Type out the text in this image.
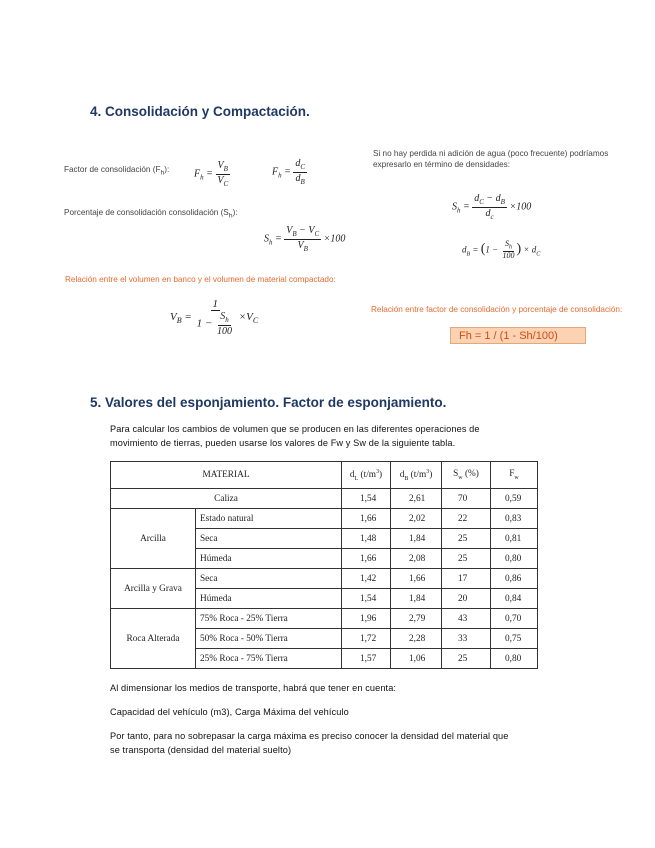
4. Consolidación y Compactación.
Factor de consolidación $(F_h)$: $F_h = \frac{V_B}{V_C}$	$F_h = \frac{d_C}{d_B}$
Si no hay perdida ni adición de agua (poco frecuente) podríamos
expresarlo en término de densidades:
Porcentaje de consolidación consolidación $(S_h)$:
$S_h = \frac{d_C - d_B}{d_c} \times 100$
$S_h = \frac{V_B - V_C}{V_B} \times 100$
$d_B = (1 - \frac{S_h}{100}$ ) × $d_C$
Relación entre el volumen en banco y el volumen de material compactado:
$V_B = \frac{1}{1 - \frac{S_h}{100}} \times V_C$
Relación entre factor de consolidación y porcentaje de consolidación:
Fh = 1 / (1 - Sh/100)
5. Valores del esponjamiento. Factor de esponjamiento.
Para calcular los cambios de volumen que se producen en las diferentes operaciones de
movimiento de tierras, pueden usarse los valores de Fw y Sw de la siguiente tabla.
MATERIAL		$d_L$ $(t/m^3)$	$d_B$ $(t/m^3)$	$S_w$ (%)	$F_w$
Caliza		1,54	2,61	70	0,59
Arcilla	Estado natural	1,66	2,02	22	0,83
	Seca	1,48	1,84	25	0,81
	Húmeda	1,66	2,08	25	0,80
Arcilla y Grava	Seca	1,42	1,66	17	0,86
	Húmeda	1,54	1,84	20	0,84
Roca Alterada	75% Roca - 25% Tierra	1,96	2,79	43	0,70
	50% Roca - 50% Tierra	1,72	2,28	33	0,75
	25% Roca - 75% Tierra	1,57	1,06	25	0,80
Al dimensionar los medios de transporte, habrá que tener en cuenta:
Capacidad del vehículo (m3), Carga Máxima del vehículo
Por tanto, para no sobrepasar la carga máxima es preciso conocer la densidad del material que
se transporta (densidad del material suelto)
